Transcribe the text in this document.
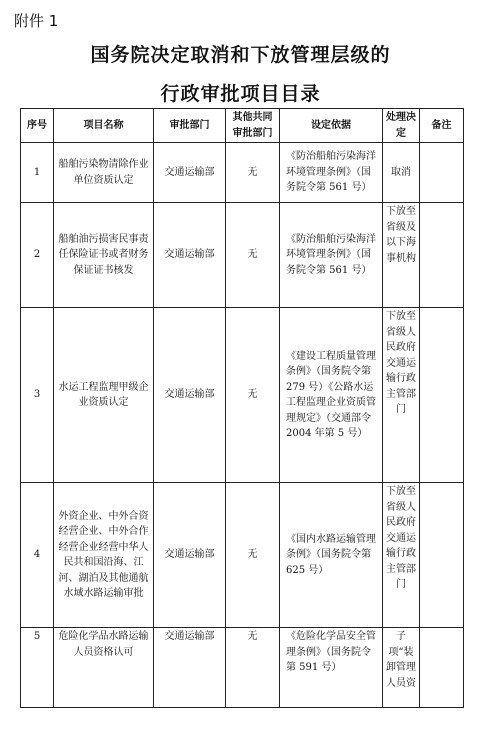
附件 1
国务院决定取消和下放管理层级的
行政审批项目目录
序号	项目名称	审批部门	其他共同审批部门	设定依据	处理决定	备注
1	船舶污染物清除作业单位资质认定	交通运输部	无	《防治船舶污染海洋环境管理条例》（国务院令第 561 号）	取消	
2	船舶油污损害民事责任保险证书或者财务保证证书核发	交通运输部	无	《防治船舶污染海洋环境管理条例》（国务院令第 561 号）	下放至省级及以下海事机构	
3	水运工程监理甲级企业资质认定	交通运输部	无	《建设工程质量管理条例》（国务院令第 279 号）《公路水运工程监理企业资质管理规定》（交通部令 2004 年第 5 号）	下放至省级人民政府交通运输行政主管部门	
4	外资企业、中外合资经营企业、中外合作经营企业经营中华人民共和国沿海、江河、湖泊及其他通航水域水路运输审批	交通运输部	无	《国内水路运输管理条例》（国务院令第 625 号）	下放至省级人民政府交通运输行政主管部门	
5	危险化学品水路运输人员资格认可	交通运输部	无	《危险化学品安全管理条例》（国务院令第 591 号）	子项“装卸管理人员资	
